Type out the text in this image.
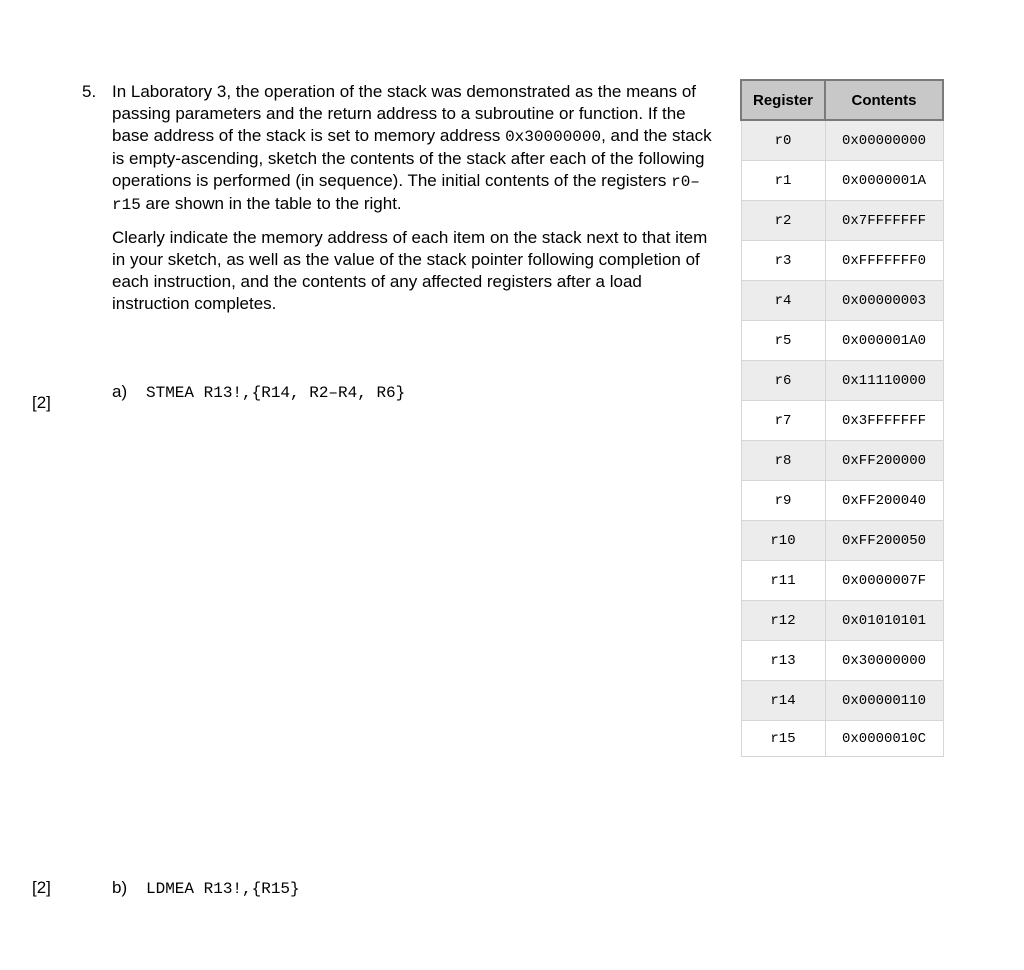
5. In Laboratory 3, the operation of the stack was demonstrated as the means of passing parameters and the return address to a subroutine or function. If the base address of the stack is set to memory address 0x30000000, and the stack is empty-ascending, sketch the contents of the stack after each of the following operations is performed (in sequence). The initial contents of the registers r0–r15 are shown in the table to the right.

Clearly indicate the memory address of each item on the stack next to that item in your sketch, as well as the value of the stack pointer following completion of each instruction, and the contents of any affected registers after a load instruction completes.

[2]
a) STMEA R13!,{R14, R2–R4, R6}
[2]	b) LDMEA R13!,{R15}
Register	Contents
r0	0x00000000
r1	0x0000001A
r2	0x7FFFFFFF
r3	0xFFFFFFF0
r4	0x00000003
r5	0x000001A0
r6	0x11110000
r7	0x3FFFFFFF
r8	0xFF200000
r9	0xFF200040
r10	0xFF200050
r11	0x0000007F
r12	0x01010101
r13	0x30000000
r14	0x00000110
r15	0x0000010C
